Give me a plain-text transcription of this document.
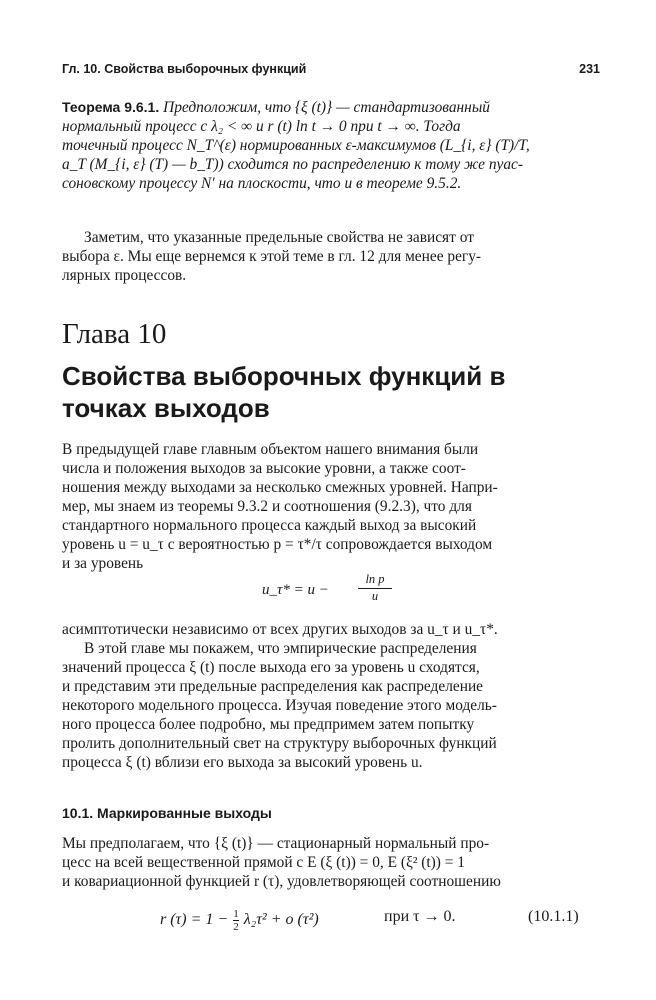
Гл. 10. Свойства выборочных функций	231
Теорема 9.6.1. Предположим, что {ξ (t)} — стандартизованный
нормальный процесс с λ₂ < ∞ и r (t) ln t → 0 при t → ∞. Тогда
точечный процесс N_T^(ε) нормированных ε-максимумов (L_{i, ε} (T)/T,
a_T (M_{i, ε} (T) — b_T)) сходится по распределению к тому же пуас-
соновскому процессу N′ на плоскости, что и в теореме 9.5.2.
Заметим, что указанные предельные свойства не зависят от
выбора ε. Мы еще вернемся к этой теме в гл. 12 для менее регу-
лярных процессов.
Глава 10
Свойства выборочных функций в
точках выходов
В предыдущей главе главным объектом нашего внимания были
числа и положения выходов за высокие уровни, а также соот-
ношения между выходами за несколько смежных уровней. Напри-
мер, мы знаем из теоремы 9.3.2 и соотношения (9.2.3), что для
стандартного нормального процесса каждый выход за высокий
уровень u = u_τ с вероятностью p = τ*/τ сопровождается выходом
и за уровень
u_τ* = $u - \frac{\text{ln p}}{u}$
асимптотически независимо от всех других выходов за u_τ и u_τ*.
В этой главе мы покажем, что эмпирические распределения
значений процесса ξ (t) после выхода его за уровень u сходятся,
и представим эти предельные распределения как распределение
некоторого модельного процесса. Изучая поведение этого модель-
ного процесса более подробно, мы предпримем затем попытку
пролить дополнительный свет на структуру выборочных функций
процесса ξ (t) вблизи его выхода за высокий уровень u.
10.1. Маркированные выходы
Мы предполагаем, что {ξ (t)} — стационарный нормальный про-
цесс на всей вещественной прямой с E (ξ (t)) = 0, E (ξ² (t)) = 1
и ковариационной функцией r (τ), удовлетворяющей соотношению
r $(\tau) = 1 - \frac{1}{2} \lambda_2\tau^2 + o$ (τ²)	при τ → 0.	(10.1.1)
